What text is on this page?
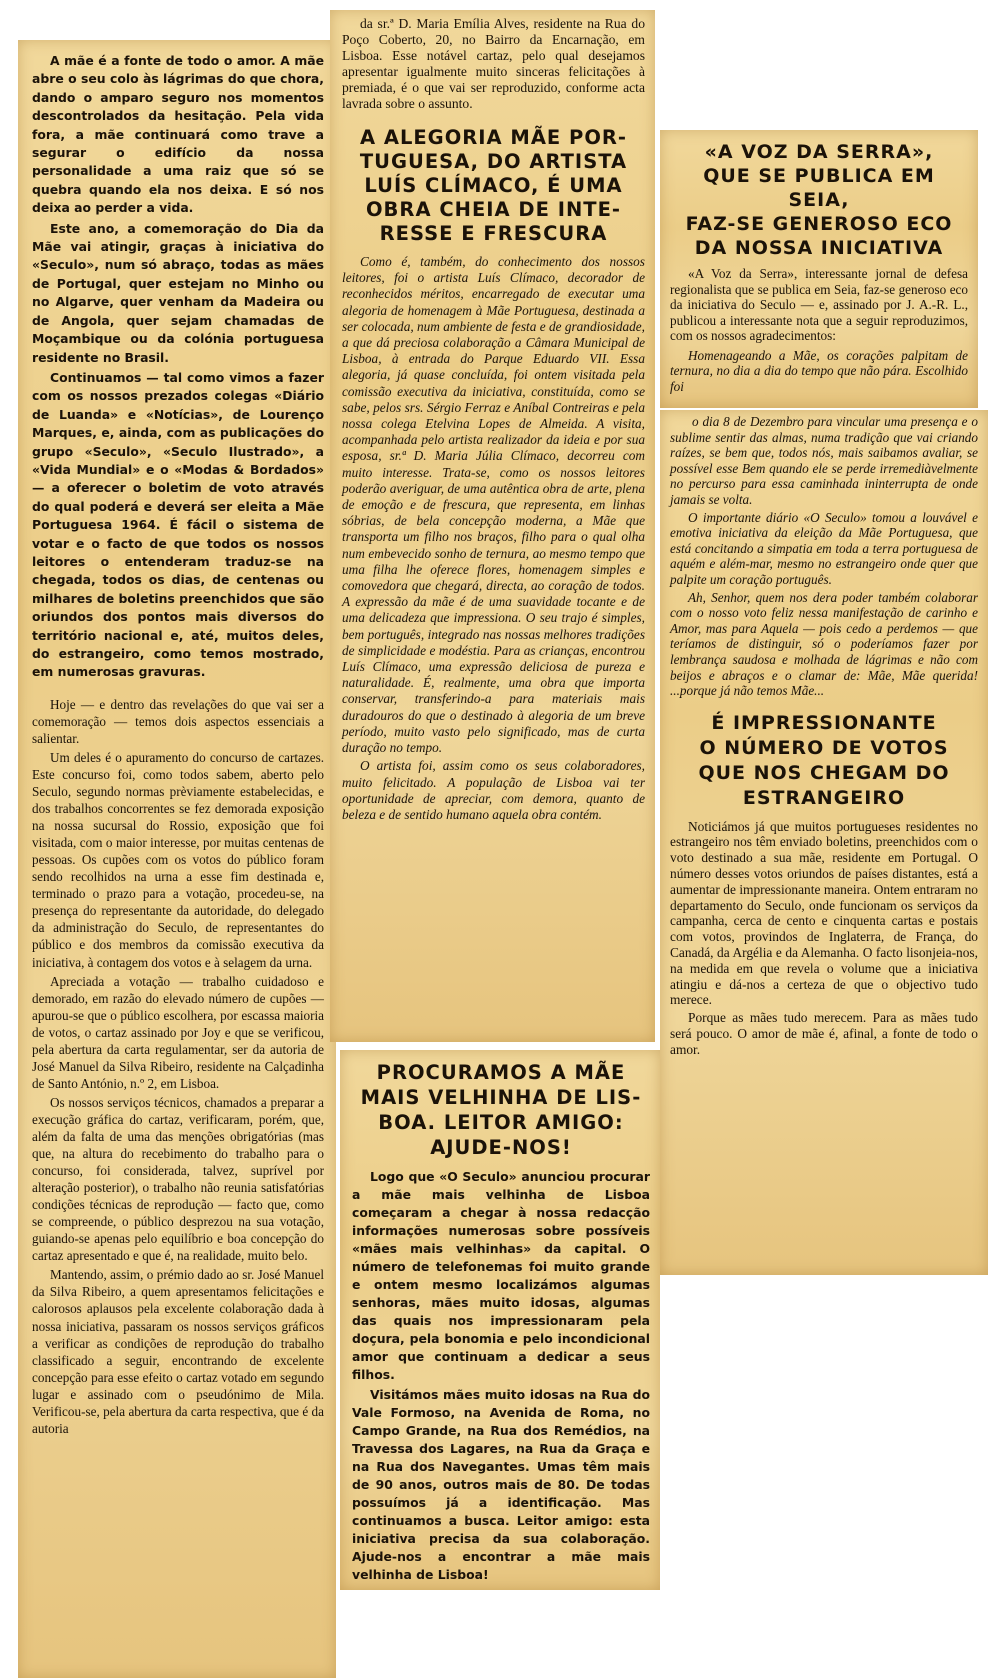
A mãe é a fonte de todo o amor. A mãe abre o seu colo às lágrimas do que chora, dando o amparo seguro nos momentos descontrolados da hesitação. Pela vida fora, a mãe continuará como trave a segurar o edifício da nossa personalidade a uma raiz que só se quebra quando ela nos deixa. E só nos deixa ao perder a vida.

Este ano, a comemoração do Dia da Mãe vai atingir, graças à iniciativa do «Seculo», num só abraço, todas as mães de Portugal, quer estejam no Minho ou no Algarve, quer venham da Madeira ou de Angola, quer sejam chamadas de Moçambique ou da colónia portuguesa residente no Brasil.

Continuamos — tal como vimos a fazer com os nossos prezados colegas «Diário de Luanda» e «Notícias», de Lourenço Marques, e, ainda, com as publicações do grupo «Seculo», «Seculo Ilustrado», a «Vida Mundial» e o «Modas & Bordados» — a oferecer o boletim de voto através do qual poderá e deverá ser eleita a Mãe Portuguesa 1964. É fácil o sistema de votar e o facto de que todos os nossos leitores o entenderam traduz-se na chegada, todos os dias, de centenas ou milhares de boletins preenchidos que são oriundos dos pontos mais diversos do território nacional e, até, muitos deles, do estrangeiro, como temos mostrado, em numerosas gravuras.

Hoje — e dentro das revelações do que vai ser a comemoração — temos dois aspectos essenciais a salientar.

Um deles é o apuramento do concurso de cartazes. Este concurso foi, como todos sabem, aberto pelo Seculo, segundo normas prèviamente estabelecidas, e dos trabalhos concorrentes se fez demorada exposição na nossa sucursal do Rossio, exposição que foi visitada, com o maior interesse, por muitas centenas de pessoas. Os cupões com os votos do público foram sendo recolhidos na urna a esse fim destinada e, terminado o prazo para a votação, procedeu-se, na presença do representante da autoridade, do delegado da administração do Seculo, de representantes do público e dos membros da comissão executiva da iniciativa, à contagem dos votos e à selagem da urna.

Apreciada a votação — trabalho cuidadoso e demorado, em razão do elevado número de cupões — apurou-se que o público escolhera, por escassa maioria de votos, o cartaz assinado por Joy e que se verificou, pela abertura da carta regulamentar, ser da autoria de José Manuel da Silva Ribeiro, residente na Calçadinha de Santo António, n.º 2, em Lisboa.

Os nossos serviços técnicos, chamados a preparar a execução gráfica do cartaz, verificaram, porém, que, além da falta de uma das menções obrigatórias (mas que, na altura do recebimento do trabalho para o concurso, foi considerada, talvez, suprível por alteração posterior), o trabalho não reunia satisfatórias condições técnicas de reprodução — facto que, como se compreende, o público desprezou na sua votação, guiando-se apenas pelo equilíbrio e boa concepção do cartaz apresentado e que é, na realidade, muito belo.

Mantendo, assim, o prémio dado ao sr. José Manuel da Silva Ribeiro, a quem apresentamos felicitações e calorosos aplausos pela excelente colaboração dada à nossa iniciativa, passaram os nossos serviços gráficos a verificar as condições de reprodução do trabalho classificado a seguir, encontrando de excelente concepção para esse efeito o cartaz votado em segundo lugar e assinado com o pseudónimo de Mila. Verificou-se, pela abertura da carta respectiva, que é da autoria

da sr.ª D. Maria Emília Alves, residente na Rua do Poço Coberto, 20, no Bairro da Encarnação, em Lisboa. Esse notável cartaz, pelo qual desejamos apresentar igualmente muito sinceras felicitações à premiada, é o que vai ser reproduzido, conforme acta lavrada sobre o assunto.

A ALEGORIA MÃE POR-
TUGUESA, DO ARTISTA
LUÍS CLÍMACO, É UMA
OBRA CHEIA DE INTE-
RESSE E FRESCURA

Como é, também, do conhecimento dos nossos leitores, foi o artista Luís Clímaco, decorador de reconhecidos méritos, encarregado de executar uma alegoria de homenagem à Mãe Portuguesa, destinada a ser colocada, num ambiente de festa e de grandiosidade, a que dá preciosa colaboração a Câmara Municipal de Lisboa, à entrada do Parque Eduardo VII. Essa alegoria, já quase concluída, foi ontem visitada pela comissão executiva da iniciativa, constituída, como se sabe, pelos srs. Sérgio Ferraz e Aníbal Contreiras e pela nossa colega Etelvina Lopes de Almeida. A visita, acompanhada pelo artista realizador da ideia e por sua esposa, sr.ª D. Maria Júlia Clímaco, decorreu com muito interesse. Trata-se, como os nossos leitores poderão averiguar, de uma autêntica obra de arte, plena de emoção e de frescura, que representa, em linhas sóbrias, de bela concepção moderna, a Mãe que transporta um filho nos braços, filho para o qual olha num embevecido sonho de ternura, ao mesmo tempo que uma filha lhe oferece flores, homenagem simples e comovedora que chegará, directa, ao coração de todos. A expressão da mãe é de uma suavidade tocante e de uma delicadeza que impressiona. O seu trajo é simples, bem português, integrado nas nossas melhores tradições de simplicidade e modéstia. Para as crianças, encontrou Luís Clímaco, uma expressão deliciosa de pureza e naturalidade. É, realmente, uma obra que importa conservar, transferindo-a para materiais mais duradouros do que o destinado à alegoria de um breve período, muito vasto pelo significado, mas de curta duração no tempo.

O artista foi, assim como os seus colaboradores, muito felicitado. A população de Lisboa vai ter oportunidade de apreciar, com demora, quanto de beleza e de sentido humano aquela obra contém.

PROCURAMOS A MÃE
MAIS VELHINHA DE LIS-
BOA. LEITOR AMIGO:
AJUDE-NOS!

Logo que «O Seculo» anunciou procurar a mãe mais velhinha de Lisboa começaram a chegar à nossa redacção informações numerosas sobre possíveis «mães mais velhinhas» da capital. O número de telefonemas foi muito grande e ontem mesmo localizámos algumas senhoras, mães muito idosas, algumas das quais nos impressionaram pela doçura, pela bonomia e pelo incondicional amor que continuam a dedicar a seus filhos.

Visitámos mães muito idosas na Rua do Vale Formoso, na Avenida de Roma, no Campo Grande, na Rua dos Remédios, na Travessa dos Lagares, na Rua da Graça e na Rua dos Navegantes. Umas têm mais de 90 anos, outros mais de 80. De todas possuímos já a identificação. Mas continuamos a busca. Leitor amigo: esta iniciativa precisa da sua colaboração. Ajude-nos a encontrar a mãe mais velhinha de Lisboa!

«A VOZ DA SERRA»,
QUE SE PUBLICA EM SEIA,
FAZ-SE GENEROSO ECO
DA NOSSA INICIATIVA

«A Voz da Serra», interessante jornal de defesa regionalista que se publica em Seia, faz-se generoso eco da iniciativa do Seculo — e, assinado por J. A.-R. L., publicou a interessante nota que a seguir reproduzimos, com os nossos agradecimentos:

Homenageando a Mãe, os corações palpitam de ternura, no dia a dia do tempo que não pára. Escolhido foi

o dia 8 de Dezembro para vincular uma presença e o sublime sentir das almas, numa tradição que vai criando raízes, se bem que, todos nós, mais saibamos avaliar, se possível esse Bem quando ele se perde irremediàvelmente no percurso para essa caminhada ininterrupta de onde jamais se volta.

O importante diário «O Seculo» tomou a louvável e emotiva iniciativa da eleição da Mãe Portuguesa, que está concitando a simpatia em toda a terra portuguesa de aquém e além-mar, mesmo no estrangeiro onde quer que palpite um coração português.

Ah, Senhor, quem nos dera poder também colaborar com o nosso voto feliz nessa manifestação de carinho e Amor, mas para Aquela — pois cedo a perdemos — que teríamos de distinguir, só o poderíamos fazer por lembrança saudosa e molhada de lágrimas e não com beijos e abraços e o clamar de: Mãe, Mãe querida! ...porque já não temos Mãe...

É IMPRESSIONANTE
O NÚMERO DE VOTOS
QUE NOS CHEGAM DO
ESTRANGEIRO

Noticiámos já que muitos portugueses residentes no estrangeiro nos têm enviado boletins, preenchidos com o voto destinado a sua mãe, residente em Portugal. O número desses votos oriundos de países distantes, está a aumentar de impressionante maneira. Ontem entraram no departamento do Seculo, onde funcionam os serviços da campanha, cerca de cento e cinquenta cartas e postais com votos, provindos de Inglaterra, de França, do Canadá, da Argélia e da Alemanha. O facto lisonjeia-nos, na medida em que revela o volume que a iniciativa atingiu e dá-nos a certeza de que o objectivo tudo merece.

Porque as mães tudo merecem. Para as mães tudo será pouco. O amor de mãe é, afinal, a fonte de todo o amor.
